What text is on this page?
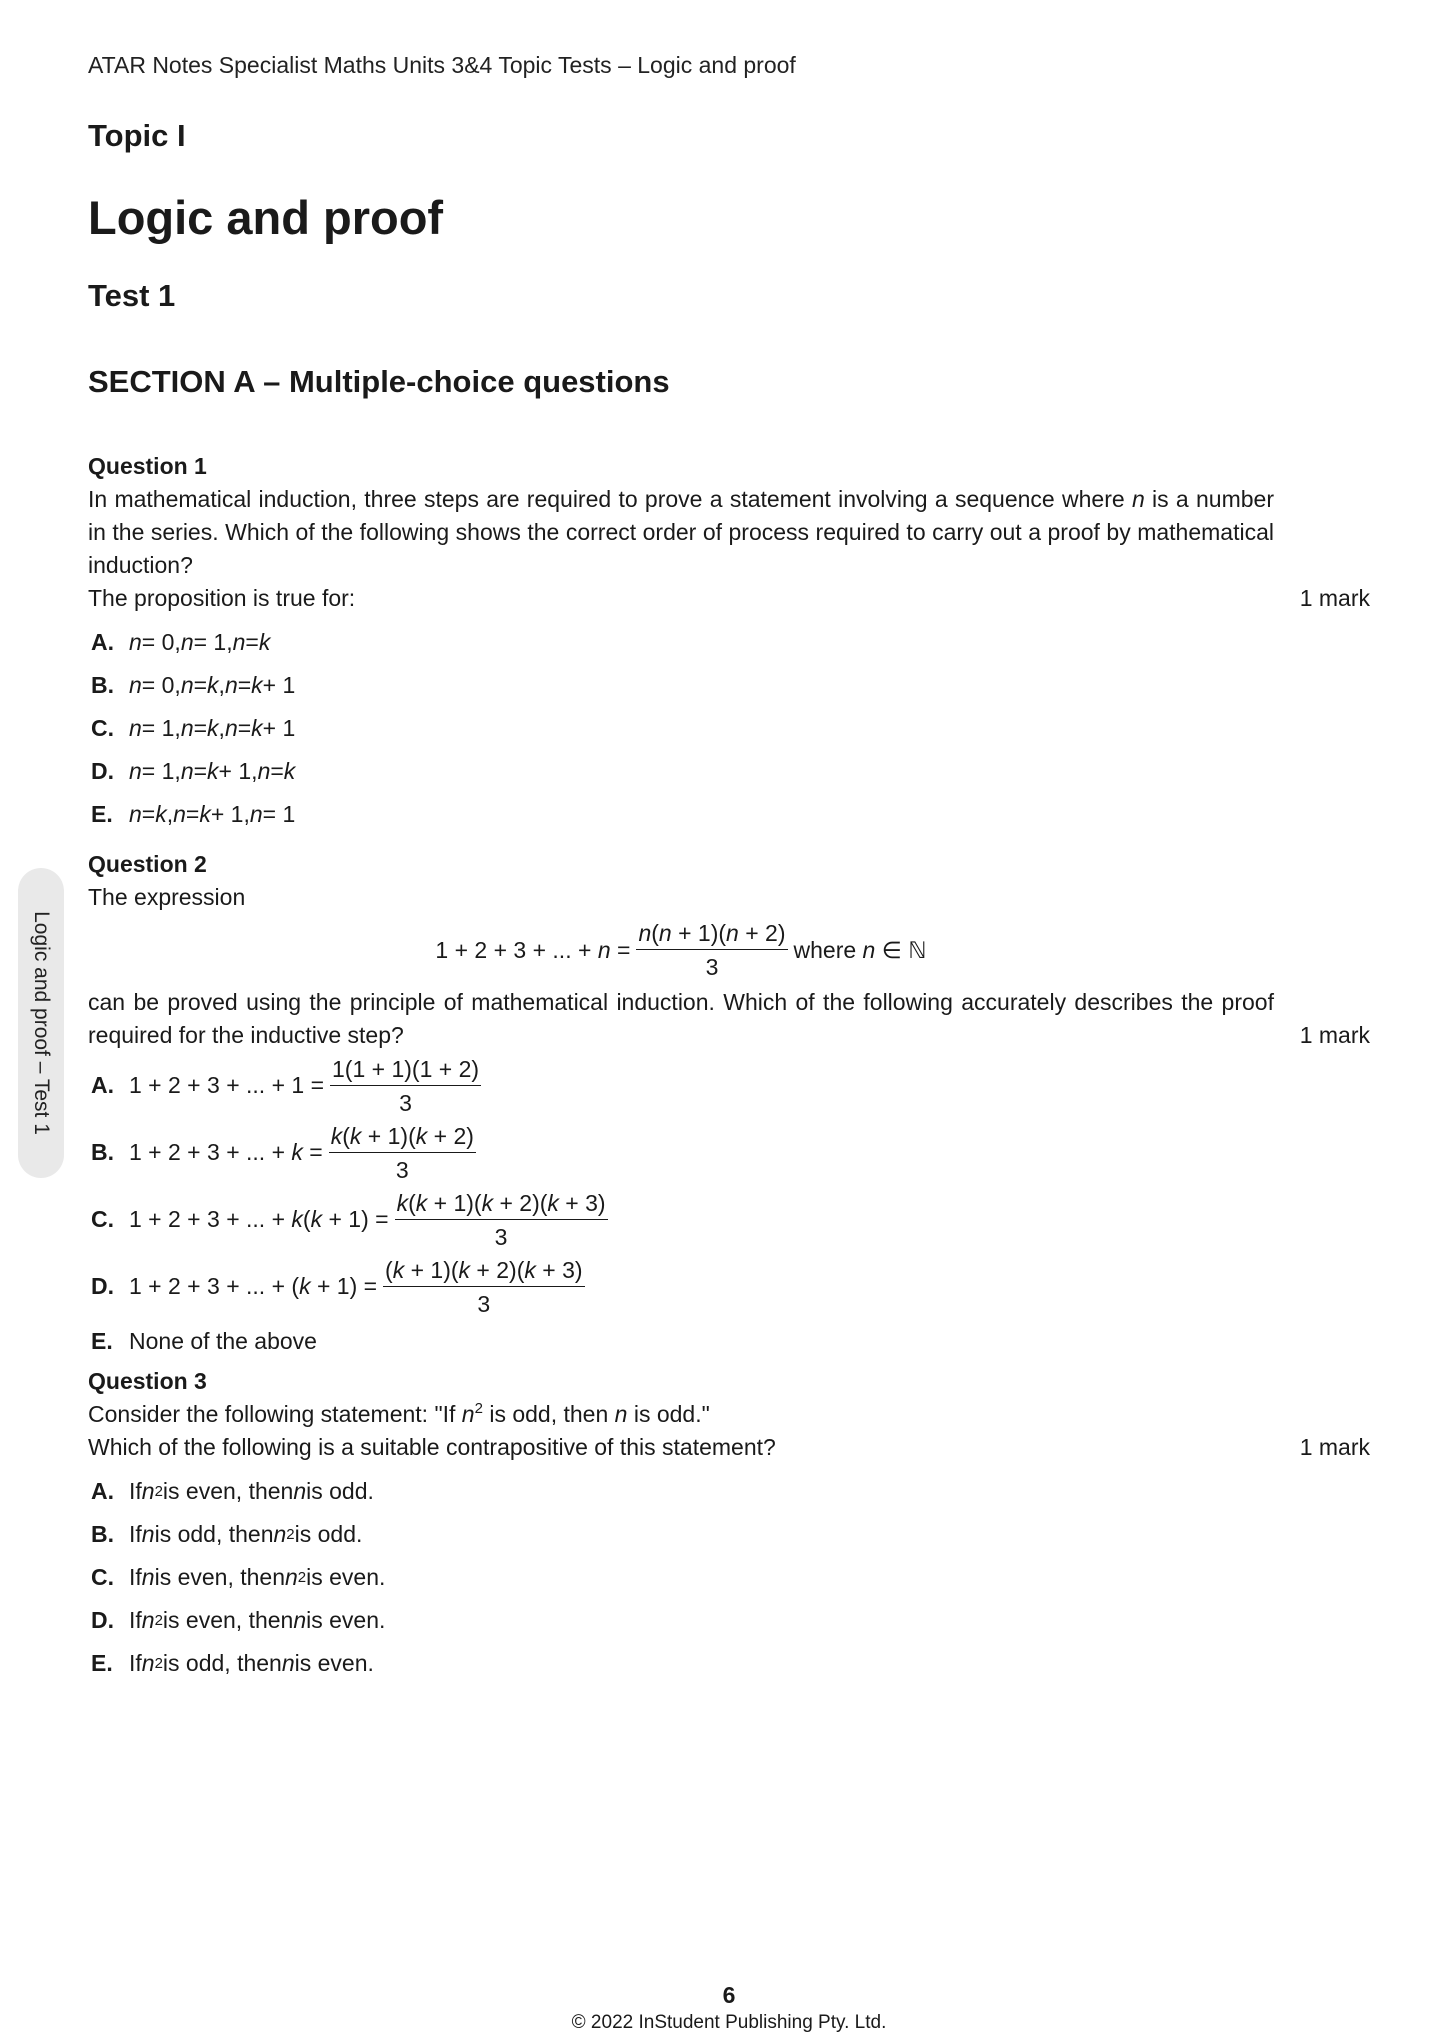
Logic and proof – Test 1
ATAR Notes Specialist Maths Units 3&4 Topic Tests – Logic and proof
Topic I
Logic and proof
Test 1
SECTION A – Multiple-choice questions
Question 1
In mathematical induction, three steps are required to prove a statement involving a sequence where n is a number in the series. Which of the following shows the correct order of process required to carry out a proof by mathematical induction?
The proposition is true for:	1 mark
A. n = 0, n = 1, n = k
B. n = 0, n = k , n = k + 1
C. n = 1, n = k , n = k + 1
D. n = 1, n = k + 1, n = k
E. n = k , n = k + 1, n = 1
Question 2
The expression
1 + 2 + 3 + ... + $n = \frac{n(n + 1)(n + 2)}{3}$ where n ∈ ℕ
can be proved using the principle of mathematical induction. Which of the following accurately describes the proof required for the inductive step?	1 mark
A. 1 + 2 + 3 + ... + $1 = \frac{1(1 + 1)(1 + 2)}{3}$
B. 1 + 2 + 3 + ... + $k = \frac{k(k + 1)(k + 2)}{3}$
C. 1 + 2 + 3 + ... + $k(k + 1) = \frac{k(k + 1)(k + 2)(k + 3)}{3}$
D. 1 + 2 + 3 + ... + $(k + 1) = \frac{(k + 1)(k + 2)(k + 3)}{3}$
E. None of the above
Question 3
Consider the following statement: "If $n^2$ is odd, then n is odd."
Which of the following is a suitable contrapositive of this statement?	1 mark
A. If n 2 is even, then n is odd.
B. If n is odd, then n 2 is odd.
C. If n is even, then n 2 is even.
D. If n 2 is even, then n is even.
E. If n 2 is odd, then n is even.
6
© 2022 InStudent Publishing Pty. Ltd.
